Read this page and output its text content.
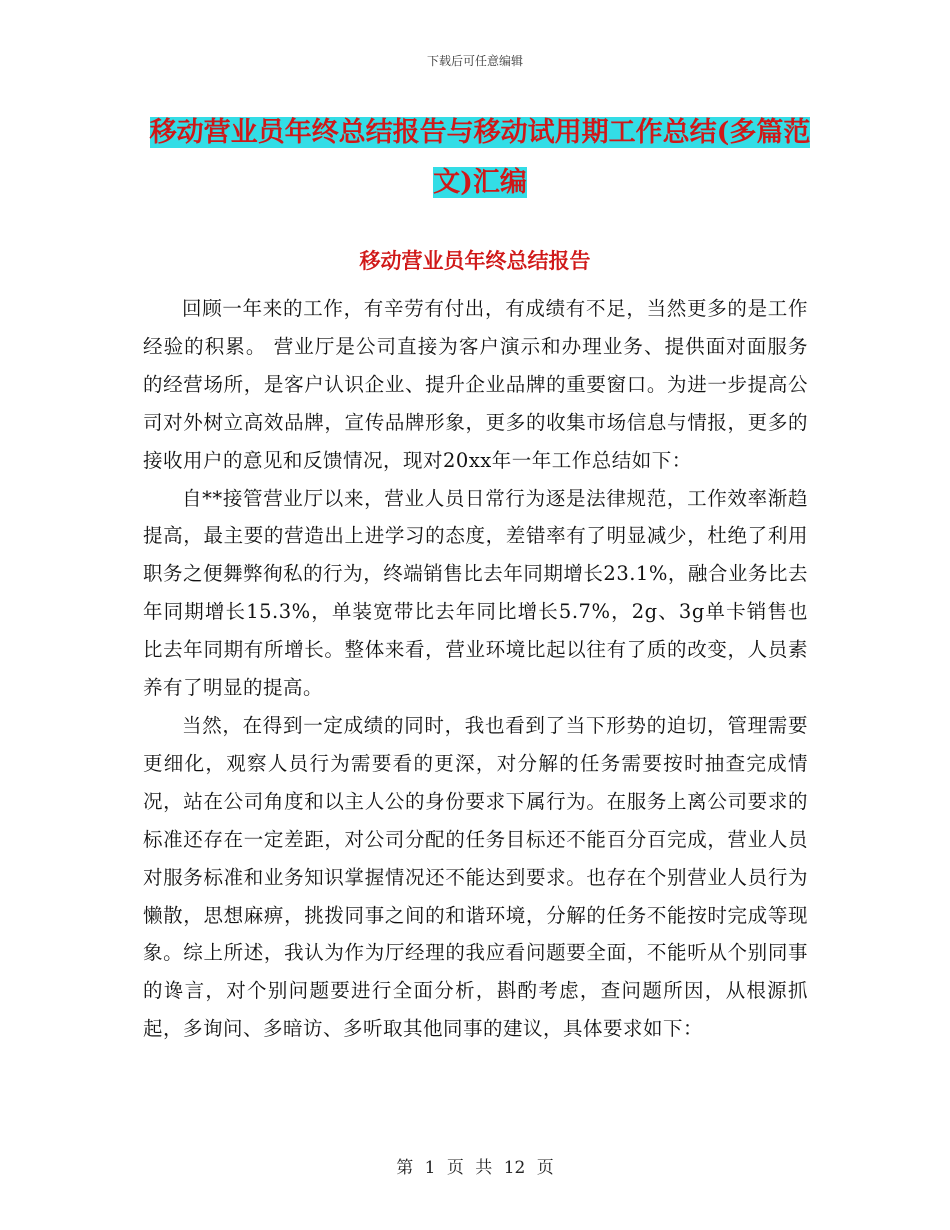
下载后可任意编辑
移动营业员年终总结报告与移动试用期工作总结(多篇范文)汇编
移动营业员年终总结报告

回顾一年来的工作，有辛劳有付出，有成绩有不足，当然更多的是工作经验的积累。 营业厅是公司直接为客户演示和办理业务、提供面对面服务的经营场所，是客户认识企业、提升企业品牌的重要窗口。为进一步提高公司对外树立高效品牌，宣传品牌形象，更多的收集市场信息与情报，更多的接收用户的意见和反馈情况，现对20xx年一年工作总结如下：

自**接管营业厅以来，营业人员日常行为逐是法律规范，工作效率渐趋提高，最主要的营造出上进学习的态度，差错率有了明显减少，杜绝了利用职务之便舞弊徇私的行为，终端销售比去年同期增长23.1%，融合业务比去年同期增长15.3%，单装宽带比去年同比增长5.7%，2g、3g单卡销售也比去年同期有所增长。整体来看，营业环境比起以往有了质的改变，人员素养有了明显的提高。

当然，在得到一定成绩的同时，我也看到了当下形势的迫切，管理需要更细化，观察人员行为需要看的更深，对分解的任务需要按时抽查完成情况，站在公司角度和以主人公的身份要求下属行为。在服务上离公司要求的标准还存在一定差距，对公司分配的任务目标还不能百分百完成，营业人员对服务标准和业务知识掌握情况还不能达到要求。也存在个别营业人员行为懒散，思想麻痹，挑拨同事之间的和谐环境，分解的任务不能按时完成等现象。综上所述，我认为作为厅经理的我应看问题要全面，不能听从个别同事的谗言，对个别问题要进行全面分析，斟酌考虑，查问题所因，从根源抓起，多询问、多暗访、多听取其他同事的建议，具体要求如下：

第 1 页 共 12 页
